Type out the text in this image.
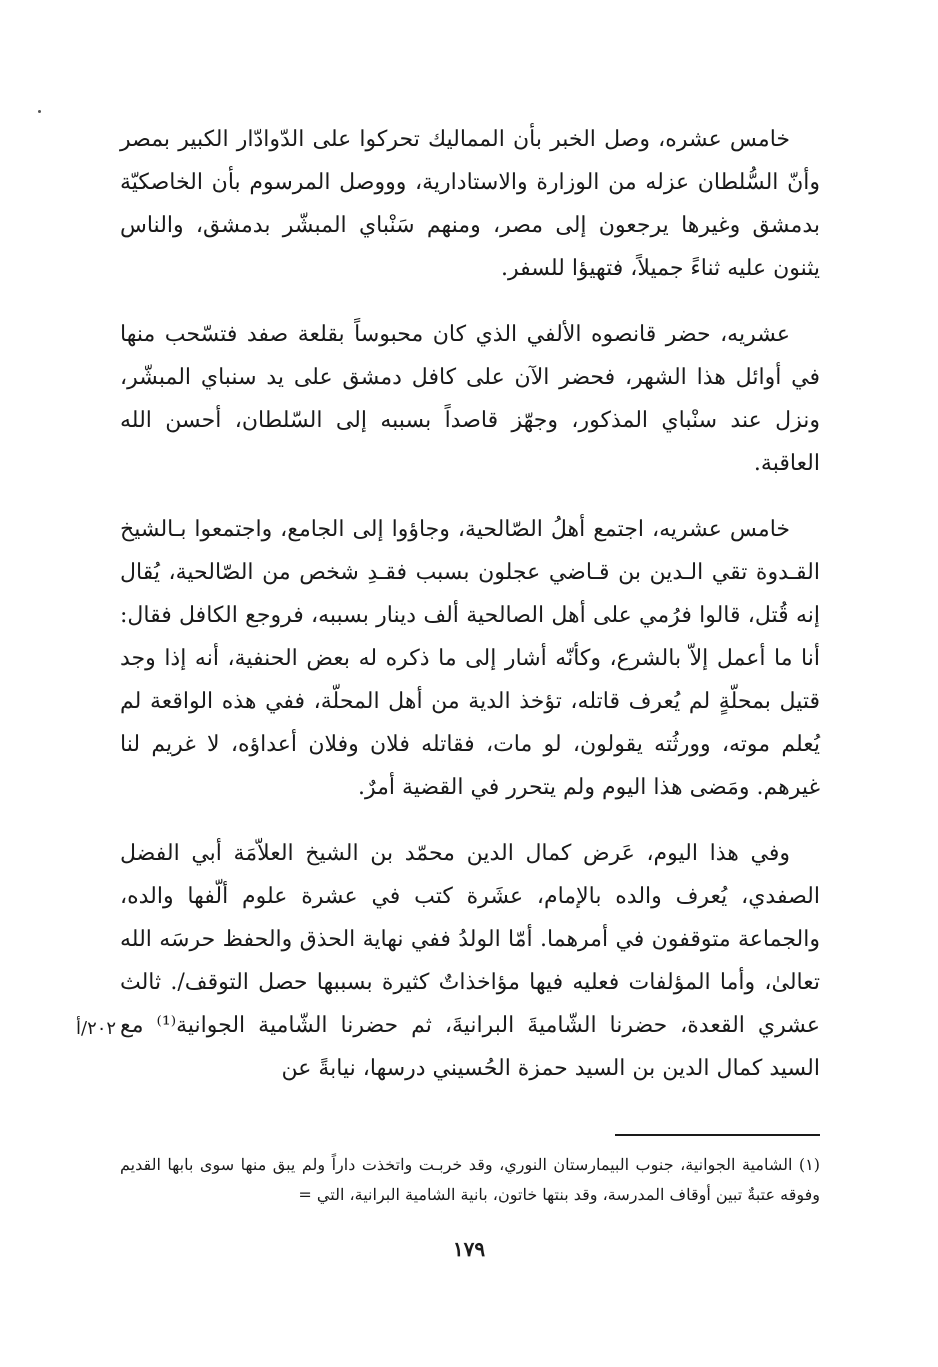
خامس عشره، وصل الخبر بأن المماليك تحركوا على الدّوادّار الكبير بمصر وأنّ السُّلطان عزله من الوزارة والاستادارية، وووصل المرسوم بأن الخاصكيّة بدمشق وغيرها يرجعون إلى مصر، ومنهم سَنْباي المبشّر بدمشق، والناس يثنون عليه ثناءً جميلاً، فتهيؤا للسفر.

عشريه، حضر قانصوه الألفي الذي كان محبوساً بقلعة صفد فتسّحب منها في أوائل هذا الشهر، فحضر الآن على كافل دمشق على يد سنباي المبشّر، ونزل عند سنْباي المذكور، وجهّز قاصداً بسببه إلى السّلطان، أحسن الله العاقبة.

خامس عشريه، اجتمع أهلُ الصّالحية، وجاؤوا إلى الجامع، واجتمعوا بـالشيخ القـدوة تقي الـدين بن قـاضي عجلون بسبب فقـدِ شخص من الصّالحية، يُقال إنه قُتل، قالوا فرُمي على أهل الصالحية ألف دينار بسببه، فروجع الكافل فقال: أنا ما أعمل إلاّ بالشرع، وكأنّه أشار إلى ما ذكره له بعض الحنفية، أنه إذا وجد قتيل بمحلّةٍ لم يُعرف قاتله، تؤخذ الدية من أهل المحلّة، ففي هذه الواقعة لم يُعلم موته، وورثُته يقولون، لو مات، فقاتله فلان وفلان أعداؤه، لا غريم لنا غيرهم. ومَضى هذا اليوم ولم يتحرر في القضية أمرٌ.

وفي هذا اليوم، عَرض كمال الدين محمّد بن الشيخ العلاّمَة أبي الفضل الصفدي، يُعرف والده بالإمام، عشَرة كتب في عشرة علوم ألّفها والده، والجماعة متوقفون في أمرهما. أمّا الولدُ ففي نهاية الحذق والحفظ حرسَه الله تعالىٰ، وأما المؤلفات فعليه فيها مؤاخذاتٌ كثيرة بسببها حصل التوقف/. ثالث عشري القعدة، حضرنا الشّاميةَ البرانيةَ، ثم حضرنا الشّامية الجوانية⁽¹⁾ مع السيد كمال الدين بن السيد حمزة الحُسيني درسها، نيابةً عن

٢٠٢/أ
(١) الشامية الجوانية، جنوب البيمارستان النوري، وقد خربـت واتخذت داراً ولم يبق منها سوى بابها القديم وفوقه عتبةٌ تبين أوقاف المدرسة، وقد بنتها خاتون، بانية الشامية البرانية، التي =
١٧٩
